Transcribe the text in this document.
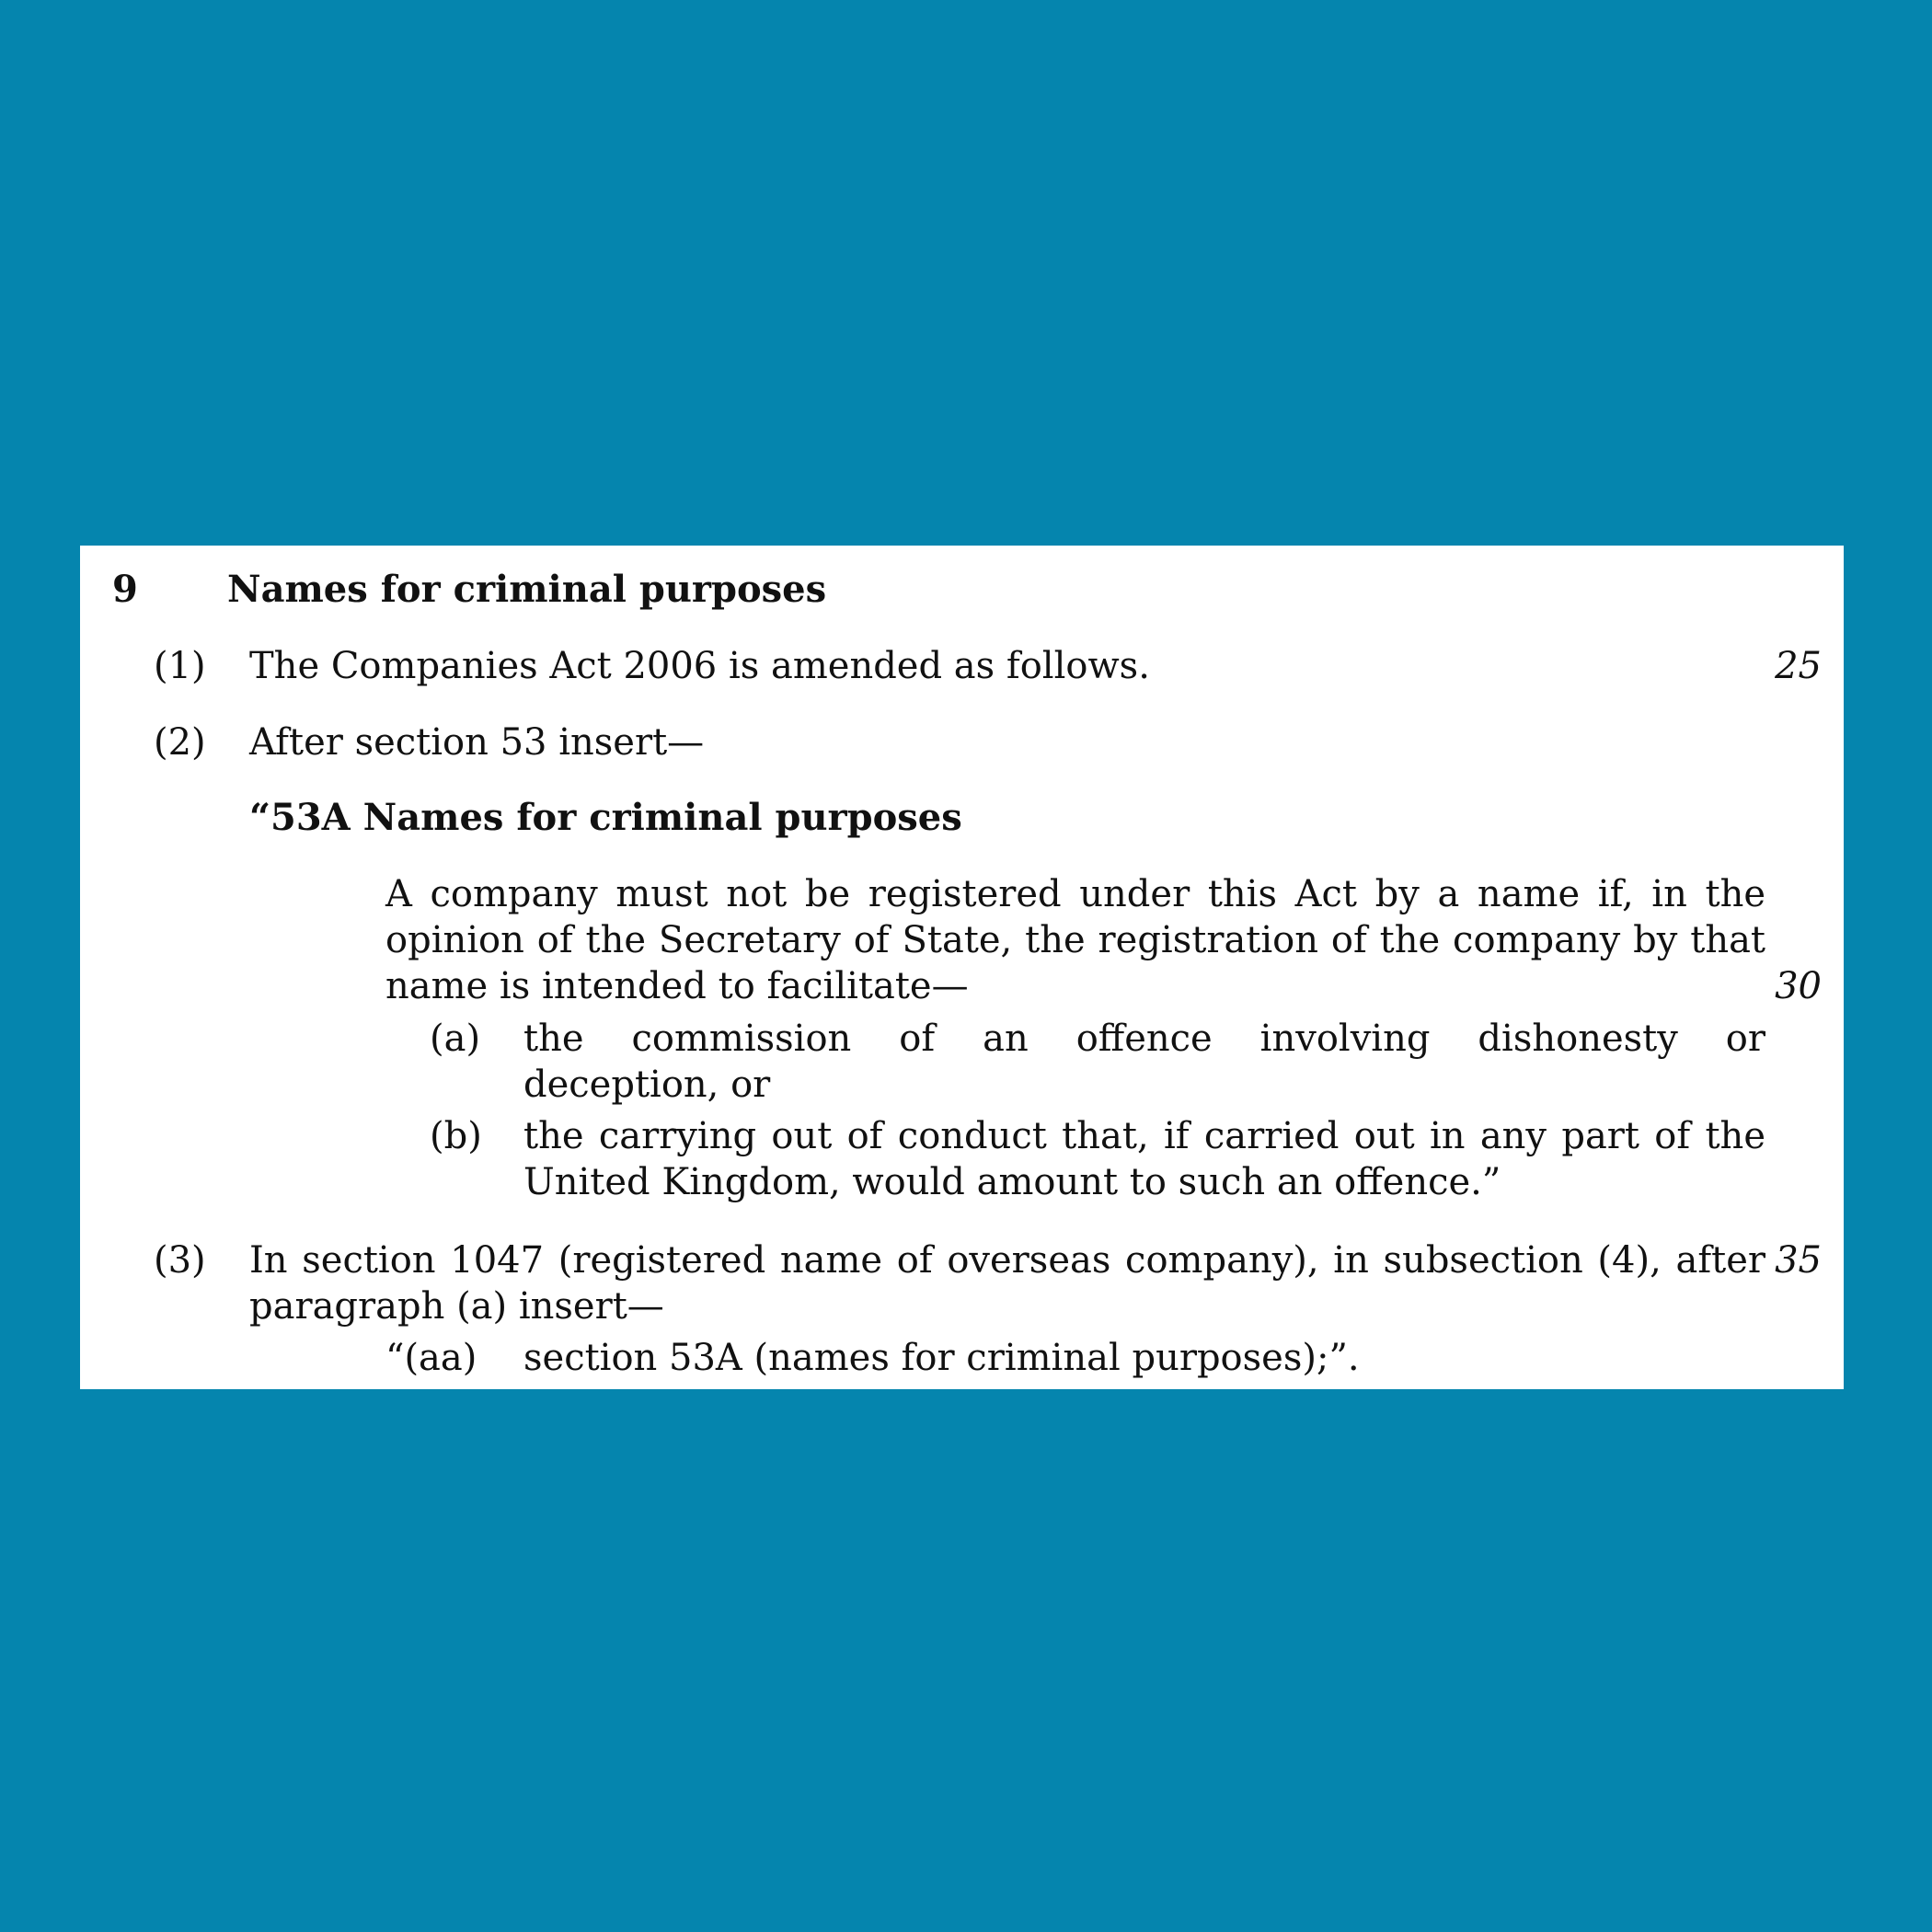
9 Names for criminal purposes
(1) The Companies Act 2006 is amended as follows.	25
(2) After section 53 insert—
“53A Names for criminal purposes
A company must not be registered under this Act by a name if, in the
opinion of the Secretary of State, the registration of the company by that
name is intended to facilitate—	30
(a) the commission of an offence involving dishonesty or
deception, or
(b) the carrying out of conduct that, if carried out in any part of the
United Kingdom, would amount to such an offence.”
(3) In section 1047 (registered name of overseas company), in subsection (4), after
paragraph (a) insert—
35
“(aa) section 53A (names for criminal purposes);”.
